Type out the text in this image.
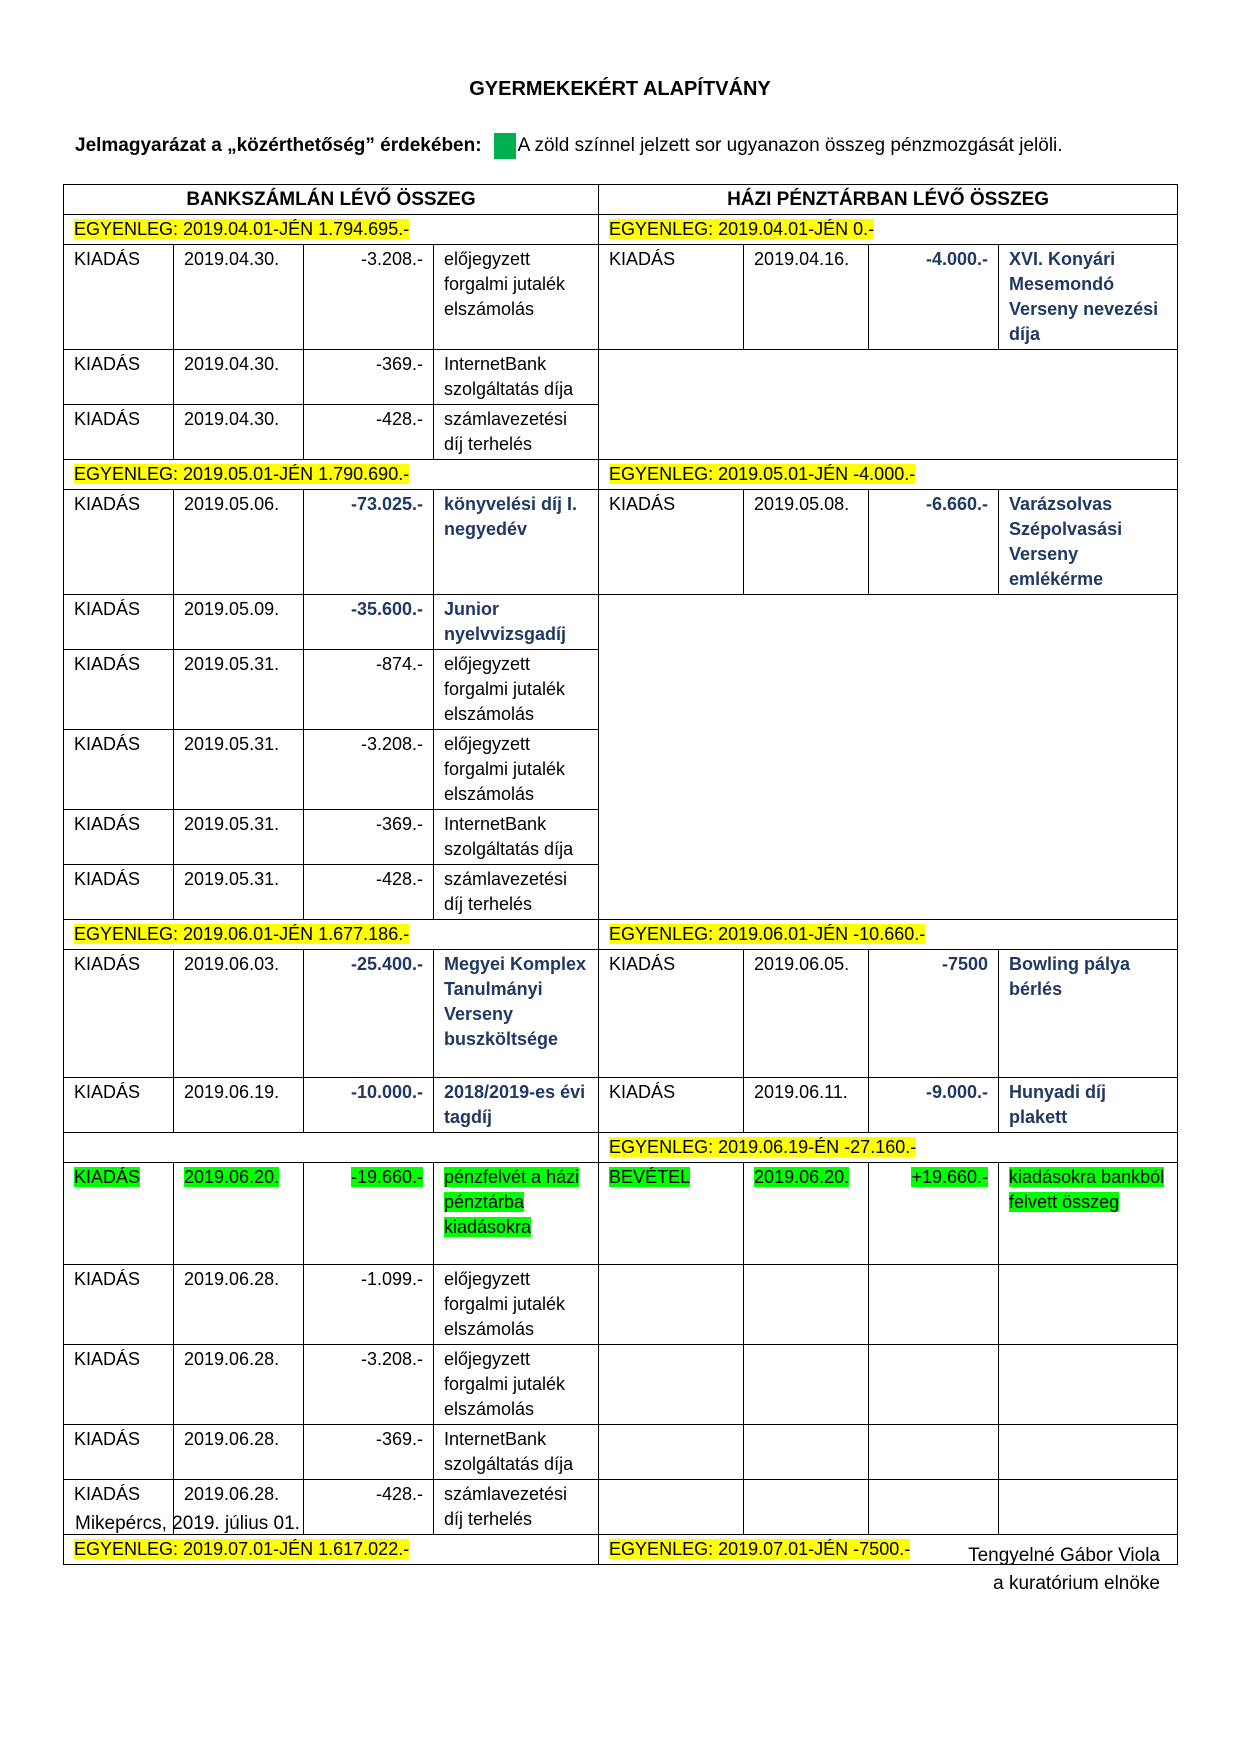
GYERMEKEKÉRT ALAPÍTVÁNY
Jelmagyarázat a „közérthetőség” érdekében: A zöld színnel jelzett sor ugyanazon összeg pénzmozgását jelöli.
BANKSZÁMLÁN LÉVŐ ÖSSZEG				HÁZI PÉNZTÁRBAN LÉVŐ ÖSSZEG			
EGYENLEG: 2019.04.01-JÉN 1.794.695.-				EGYENLEG: 2019.04.01-JÉN 0.-			
KIADÁS	2019.04.30.	-3.208.-	előjegyzett forgalmi jutalék elszámolás	KIADÁS	2019.04.16.	-4.000.-	XVI. Konyári Mesemondó Verseny nevezési díja
KIADÁS	2019.04.30.	-369.-	InternetBank szolgáltatás díja				
KIADÁS	2019.04.30.	-428.-	számlavezetési díj terhelés				
EGYENLEG: 2019.05.01-JÉN 1.790.690.-				EGYENLEG: 2019.05.01-JÉN -4.000.-			
KIADÁS	2019.05.06.	-73.025.-	könyvelési díj I. negyedév	KIADÁS	2019.05.08.	-6.660.-	Varázsolvas Szépolvasási Verseny emlékérme
KIADÁS	2019.05.09.	-35.600.-	Junior nyelvvizsgadíj				
KIADÁS	2019.05.31.	-874.-	előjegyzett forgalmi jutalék elszámolás				
KIADÁS	2019.05.31.	-3.208.-	előjegyzett forgalmi jutalék elszámolás				
KIADÁS	2019.05.31.	-369.-	InternetBank szolgáltatás díja				
KIADÁS	2019.05.31.	-428.-	számlavezetési díj terhelés				
EGYENLEG: 2019.06.01-JÉN 1.677.186.-				EGYENLEG: 2019.06.01-JÉN -10.660.-			
KIADÁS	2019.06.03.	-25.400.-	Megyei Komplex Tanulmányi Verseny buszköltsége	KIADÁS	2019.06.05.	-7500	Bowling pálya bérlés
KIADÁS	2019.06.19.	-10.000.-	2018/2019-es évi tagdíj	KIADÁS	2019.06.11.	-9.000.-	Hunyadi díj plakett
				EGYENLEG: 2019.06.19-ÉN -27.160.-			
KIADÁS	2019.06.20.	-19.660.-	pénzfelvét a házi pénztárba kiadásokra	BEVÉTEL	2019.06.20.	+19.660.-	kiadásokra bankból felvett összeg
KIADÁS	2019.06.28.	-1.099.-	előjegyzett forgalmi jutalék elszámolás				
KIADÁS	2019.06.28.	-3.208.-	előjegyzett forgalmi jutalék elszámolás				
KIADÁS	2019.06.28.	-369.-	InternetBank szolgáltatás díja				
KIADÁS	2019.06.28.	-428.-	számlavezetési díj terhelés				
EGYENLEG: 2019.07.01-JÉN 1.617.022.-				EGYENLEG: 2019.07.01-JÉN -7500.-			
Mikepércs, 2019. július 01.
Tengyelné Gábor Viola
a kuratórium elnöke
